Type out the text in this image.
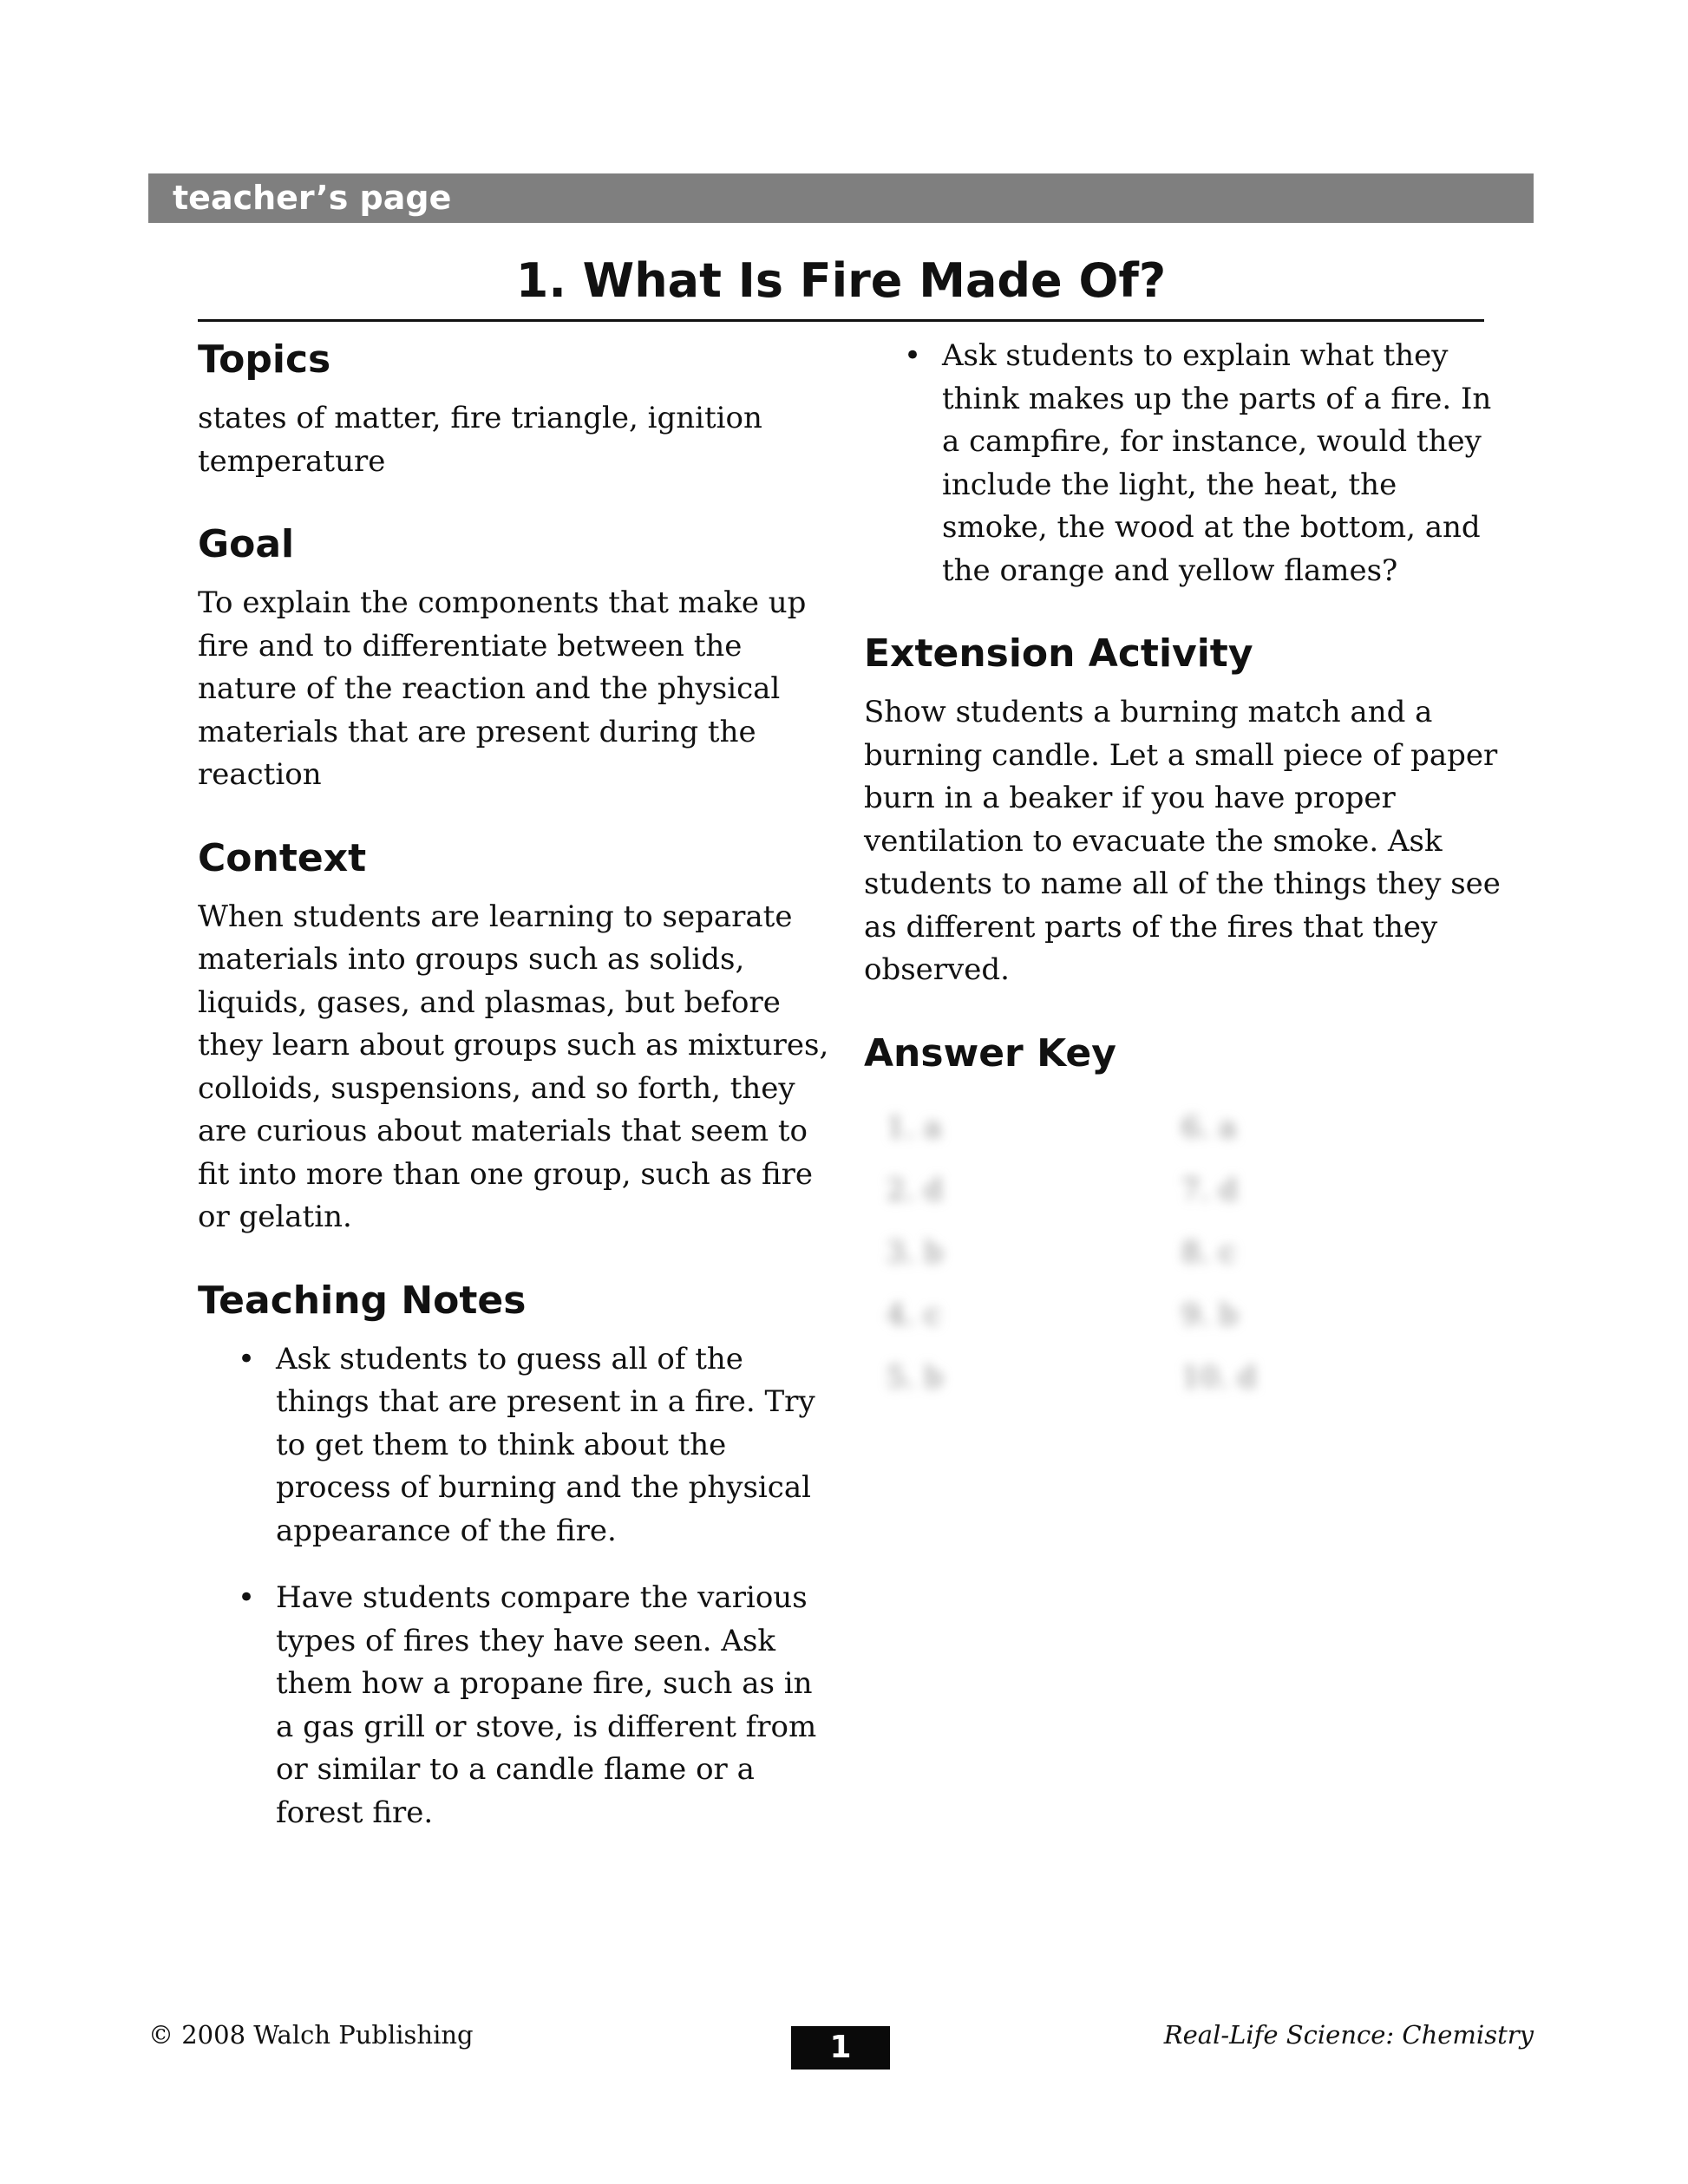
teacher’s page
1. What Is Fire Made Of?
Topics

states of matter, fire triangle, ignition temperature

Goal

To explain the components that make up fire and to differentiate between the nature of the reaction and the physical materials that are present during the reaction

Context

When students are learning to separate materials into groups such as solids, liquids, gases, and plasmas, but before they learn about groups such as mixtures, colloids, suspensions, and so forth, they are curious about materials that seem to fit into more than one group, such as fire or gelatin.

Teaching Notes
• Ask students to guess all of the things that are present in a fire. Try to get them to think about the process of burning and the physical appearance of the fire.
• Have students compare the various types of fires they have seen. Ask them how a propane fire, such as in a gas grill or stove, is different from or similar to a candle flame or a forest fire.
• Ask students to explain what they think makes up the parts of a fire. In a campfire, for instance, would they include the light, the heat, the smoke, the wood at the bottom, and the orange and yellow flames?
Extension Activity

Show students a burning match and a burning candle. Let a small piece of paper burn in a beaker if you have proper ventilation to evacuate the smoke. Ask students to name all of the things they see as different parts of the fires that they observed.

Answer Key
1. a	6. a
2. d	7. d
3. b	8. c
4. c	9. b
5. b	10. d
© 2008 Walch Publishing	1	Real-Life Science: Chemistry
